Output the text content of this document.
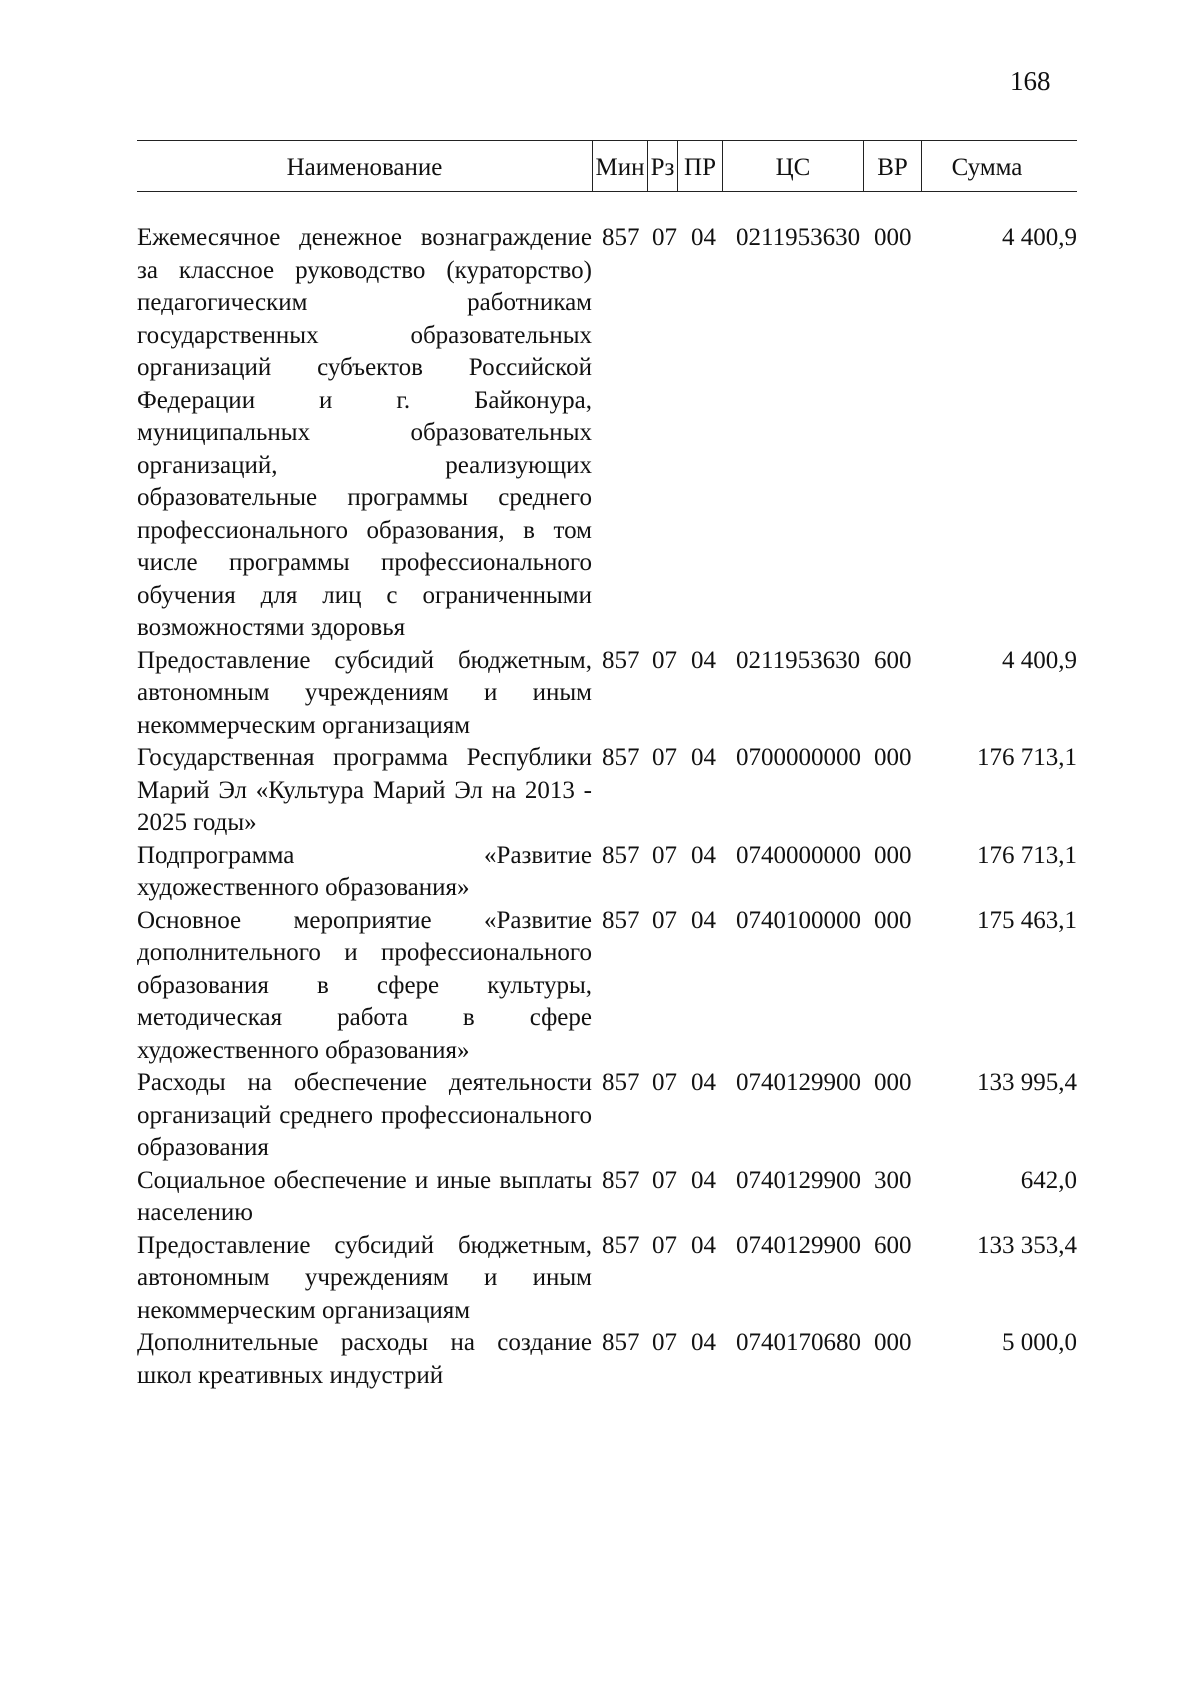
168
Наименование	Мин Рз ПР	ЦС	ВР	Сумма
Ежемесячное денежное вознаграждение за классное руководство (кураторство) педагогическим работникам государственных образовательных организаций субъектов Российской Федерации и г. Байконура, муниципальных образовательных организаций, реализующих образовательные программы среднего профессионального образования, в том числе программы профессионального обучения для лиц с ограниченными возможностями здоровья
857 07 04 0211953630 000	4 400,9
Предоставление субсидий бюджетным, автономным учреждениям и иным некоммерческим организациям
857 07 04 0211953630 600	4 400,9
Государственная программа Республики Марий Эл «Культура Марий Эл на 2013 - 2025 годы»
857 07 04 0700000000 000	176 713,1
Подпрограмма «Развитие художественного образования»
857 07 04 0740000000 000	176 713,1
Основное мероприятие «Развитие дополнительного и профессионального образования в сфере культуры, методическая работа в сфере художественного образования»
857 07 04 0740100000 000	175 463,1
Расходы на обеспечение деятельности организаций среднего профессионального образования
857 07 04 0740129900 000	133 995,4
Социальное обеспечение и иные выплаты населению
857 07 04 0740129900 300	642,0
Предоставление субсидий бюджетным, автономным учреждениям и иным некоммерческим организациям
857 07 04 0740129900 600	133 353,4
Дополнительные расходы на создание школ креативных индустрий
857 07 04 0740170680 000	5 000,0
